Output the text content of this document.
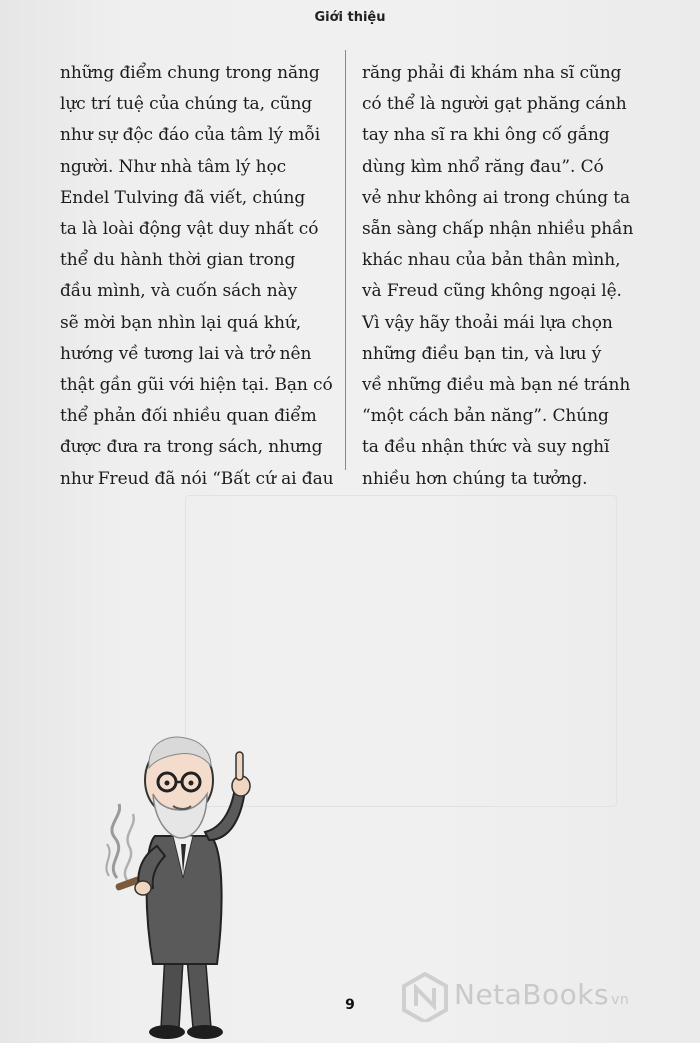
Giới thiệu
những điểm chung trong năng
lực trí tuệ của chúng ta, cũng
như sự độc đáo của tâm lý mỗi
người. Như nhà tâm lý học
Endel Tulving đã viết, chúng
ta là loài động vật duy nhất có
thể du hành thời gian trong
đầu mình, và cuốn sách này
sẽ mời bạn nhìn lại quá khứ,
hướng về tương lai và trở nên
thật gần gũi với hiện tại. Bạn có
thể phản đối nhiều quan điểm
được đưa ra trong sách, nhưng
như Freud đã nói “Bất cứ ai đau
răng phải đi khám nha sĩ cũng
có thể là người gạt phăng cánh
tay nha sĩ ra khi ông cố gắng
dùng kìm nhổ răng đau”. Có
vẻ như không ai trong chúng ta
sẵn sàng chấp nhận nhiều phần
khác nhau của bản thân mình,
và Freud cũng không ngoại lệ.
Vì vậy hãy thoải mái lựa chọn
những điều bạn tin, và lưu ý
về những điều mà bạn né tránh
“một cách bản năng”. Chúng
ta đều nhận thức và suy nghĩ
nhiều hơn chúng ta tưởng.
9	NetaBooks vn
